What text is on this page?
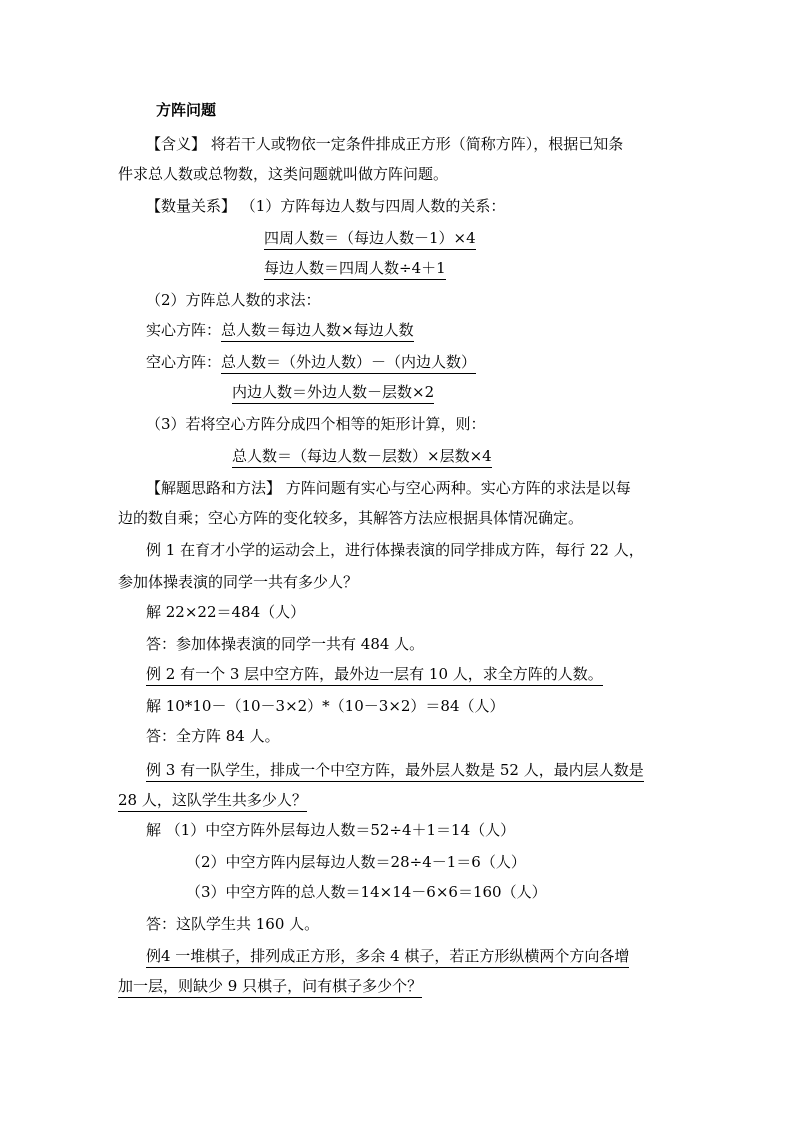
方阵问题
【含义】 将若干人或物依一定条件排成正方形（简称方阵），根据已知条
件求总人数或总物数，这类问题就叫做方阵问题。
【数量关系】 （1）方阵每边人数与四周人数的关系：
四周人数＝（每边人数－1）×4
每边人数＝四周人数÷4＋1
（2）方阵总人数的求法：
实心方阵：总人数＝每边人数×每边人数
空心方阵：总人数＝（外边人数）－（内边人数）
内边人数＝外边人数－层数×2
（3）若将空心方阵分成四个相等的矩形计算，则：
总人数＝（每边人数－层数）×层数×4
【解题思路和方法】 方阵问题有实心与空心两种。实心方阵的求法是以每
边的数自乘；空心方阵的变化较多，其解答方法应根据具体情况确定。
例 1 在育才小学的运动会上，进行体操表演的同学排成方阵，每行 22 人，
参加体操表演的同学一共有多少人？
解 22×22＝484（人）
答：参加体操表演的同学一共有 484 人。
例 2 有一个 3 层中空方阵，最外边一层有 10 人，求全方阵的人数。
解 10*10－（10－3×2）*（10－3×2）＝84（人）
答：全方阵 84 人。
例 3 有一队学生，排成一个中空方阵，最外层人数是 52 人，最内层人数是
28 人，这队学生共多少人？
解 （1）中空方阵外层每边人数＝52÷4＋1＝14（人）
（2）中空方阵内层每边人数＝28÷4－1＝6（人）
（3）中空方阵的总人数＝14×14－6×6＝160（人）
答：这队学生共 160 人。
例4 一堆棋子，排列成正方形，多余 4 棋子，若正方形纵横两个方向各增
加一层，则缺少 9 只棋子，问有棋子多少个？
